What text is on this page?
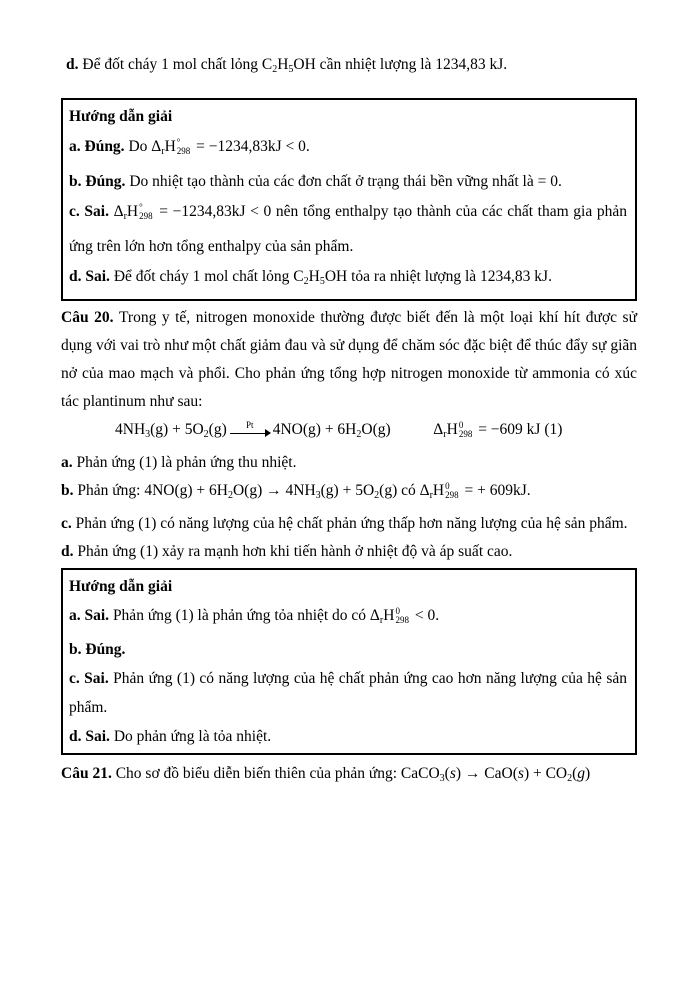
d. Để đốt cháy 1 mol chất lỏng $C_2H_5OH$ cần nhiệt lượng là 1234,83 kJ.

Hướng dẫn giải

a. Đúng. Do $\Delta_rH$ °
298 = −1234,83kJ < 0.

b. Đúng. Do nhiệt tạo thành của các đơn chất ở trạng thái bền vững nhất là = 0.

c. Sai. $\Delta_rH$ °
298 = −1234,83kJ < 0 nên tổng enthalpy tạo thành của các chất tham gia phản ứng trên lớn hơn tổng enthalpy của sản phẩm.

d. Sai. Để đốt cháy 1 mol chất lỏng $C_2H_5OH$ tỏa ra nhiệt lượng là 1234,83 kJ.

Câu 20. Trong y tế, nitrogen monoxide thường được biết đến là một loại khí hít được sử dụng với vai trò như một chất giảm đau và sử dụng để chăm sóc đặc biệt để thúc đẩy sự giãn nở của mao mạch và phổi. Cho phản ứng tổng hợp nitrogen monoxide từ ammonia có xúc tác plantinum như sau:

$4NH_3(g) + 5O_2(g)$ Pt $4NO(g) + 6H_2O(g)$	$\Delta_rH$ 0
298 = −609 kJ (1)

a. Phản ứng (1) là phản ứng thu nhiệt.

b. Phản ứng: $4NO(g) + 6H_2O(g) \to 4NH_3(g) + 5O_2(g)$ có $\Delta_rH$ 0
298 = + 609kJ.

c. Phản ứng (1) có năng lượng của hệ chất phản ứng thấp hơn năng lượng của hệ sản phẩm.

d. Phản ứng (1) xảy ra mạnh hơn khi tiến hành ở nhiệt độ và áp suất cao.

Hướng dẫn giải

a. Sai. Phản ứng (1) là phản ứng tỏa nhiệt do có $\Delta_rH$ 0
298 < 0.

b. Đúng.

c. Sai. Phản ứng (1) có năng lượng của hệ chất phản ứng cao hơn năng lượng của hệ sản phẩm.

d. Sai. Do phản ứng là tỏa nhiệt.

Câu 21. Cho sơ đồ biểu diễn biến thiên của phản ứng: CaCO$_3$(s) → $CaO(s) + CO_2(g)$
